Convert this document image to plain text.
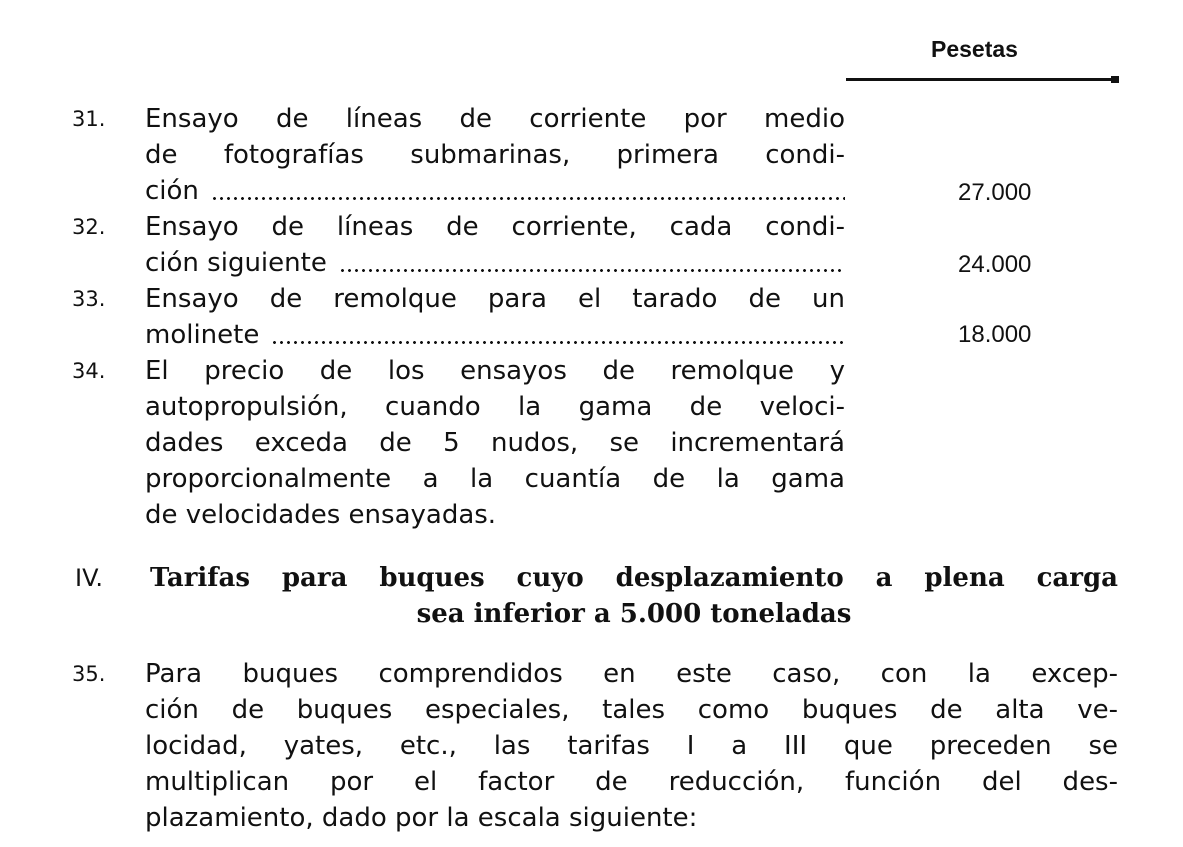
Pesetas
31.	Ensayo de líneas de corriente por medio
de fotografías submarinas, primera condi-
ción	27.000
32.	Ensayo de líneas de corriente, cada condi-
ción siguiente	24.000
33.	Ensayo de remolque para el tarado de un
molinete	18.000
34.	El precio de los ensayos de remolque y
autopropulsión, cuando la gama de veloci-
dades exceda de 5 nudos, se incrementará
proporcionalmente a la cuantía de la gama
de velocidades ensayadas.
IV. Tarifas para buques cuyo desplazamiento a plena carga
sea inferior a 5.000 toneladas
35.	Para buques comprendidos en este caso, con la excep-
ción de buques especiales, tales como buques de alta ve-
locidad, yates, etc., las tarifas I a III que preceden se
multiplican por el factor de reducción, función del des-
plazamiento, dado por la escala siguiente:
